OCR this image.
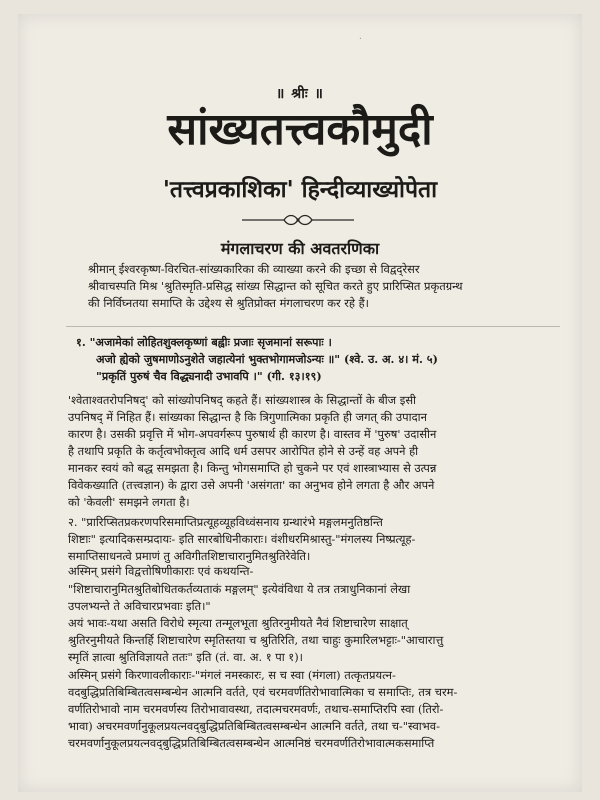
·
॥ श्रीः ॥
सांख्यतत्त्वकौमुदी
'तत्त्वप्रकाशिका' हिन्दीव्याख्योपेता
मंगलाचरण की अवतरणिका
श्रीमान् ईश्वरकृष्ण-विरचित-सांख्यकारिका की व्याख्या करने की इच्छा से विद्वद्‌रेसर
श्रीवाचस्पति मिश्र 'श्रुतिस्मृति-प्रसिद्ध सांख्य सिद्धान्त को सूचित करते हुए प्रारिप्सित प्रकृतग्रन्थ
की निर्विघ्नतया समाप्ति के उद्देश्य से श्रुतिप्रोक्त मंगलाचरण कर रहे हैं।
१. "अजामेकां लोहितशुक्लकृष्णां बह्वीः प्रजाः सृजमानां सरूपाः ।
अजो ह्येको जुषमाणोऽनुशेते जहात्येनां भुक्तभोगामजोऽन्यः ॥" (श्वे. उ. अ. ४। मं. ५)
"प्रकृतिं पुरुषं चैव विद्ध्यनादी उभावपि ।" (गी. १३।१९)
'श्वेताश्वतरोपनिषद्' को सांख्योपनिषद् कहते हैं। सांख्यशास्त्र के सिद्धान्तों के बीज इसी
उपनिषद् में निहित हैं। सांख्यका सिद्धान्त है कि त्रिगुणात्मिका प्रकृति ही जगत् की उपादान
कारण है। उसकी प्रवृत्ति में भोग-अपवर्गरूप पुरुषार्थ ही कारण है। वास्तव में 'पुरुष' उदासीन
है तथापि प्रकृति के कर्तृत्वभोक्तृत्व आदि धर्म उसपर आरोपित होने से उन्हें वह अपने ही
मानकर स्वयं को बद्ध समझता है। किन्तु भोगसमाप्ति हो चुकने पर एवं शास्त्राभ्यास से उत्पन्न
विवेकख्याति (तत्त्वज्ञान) के द्वारा उसे अपनी 'असंगता' का अनुभव होने लगता है और अपने
को 'केवली' समझने लगता है।
२. "प्रारिप्सितप्रकरणपरिसमाप्तिप्रत्यूहव्यूहविध्वंसनाय ग्रन्थारंभे मङ्गलमनुतिष्ठन्ति
शिष्टाः" इत्यादिकसम्प्रदायः- इति सारबोधिनीकाराः। वंशीधरमिश्रास्तु-"मंगलस्य निष्प्रत्यूह-
समाप्तिसाधनत्वे प्रमाणं तु अविगीतशिष्टाचारानुमितश्रुतिरेवेति।
अस्मिन् प्रसंगे विद्वत्तोषिणीकाराः एवं कथयन्ति-
"शिष्टाचारानुमितश्रुतिबोधितकर्तव्यताकं मङ्गलम्" इत्येवंविधा ये तत्र तत्राधुनिकानां लेखा
उपलभ्यन्ते ते अविचारप्रभवाः इति।"
अयं भावः-यथा असति विरोधे स्मृत्या तन्मूलभूता श्रुतिरनुमीयते नैवं शिष्टाचारेण साक्षात्
श्रुतिरनुमीयते किन्तर्हि शिष्टाचारेण स्मृतिस्तया च श्रुतिरिति, तथा चाहुः कुमारिलभट्टाः-"आचारात्तु
स्मृतिं ज्ञात्वा श्रुतिविज्ञायते ततः" इति (तं. वा. अ. १ पा १)।
अस्मिन् प्रसंगे किरणावलीकाराः-"मंगलं नमस्कारः, स च स्वा (मंगला) तत्कृतप्रयत्न-
वदबुद्धिप्रतिबिम्बितत्वसम्बन्धेन आत्मनि वर्तते, एवं चरमवर्णतिरोभावात्मिका च समाप्तिः, तत्र चरम-
वर्णतिरोभावो नाम चरमवर्णस्य तिरोभावावस्था, तदात्मचरमवर्णः, तथाच-समाप्तिरपि स्वा (तिरो-
भावा) अचरमवर्णानुकूलप्रयत्नवद्‌बुद्धिप्रतिबिम्बितत्वसम्बन्धेन आत्मनि वर्तते, तथा च-"स्वाभव-
चरमवर्णानुकूलप्रयत्नवद्‌बुद्धिप्रतिबिम्बितत्वसम्बन्धेन आत्मनिष्ठं चरमवर्णतिरोभावात्मकसमाप्ति
